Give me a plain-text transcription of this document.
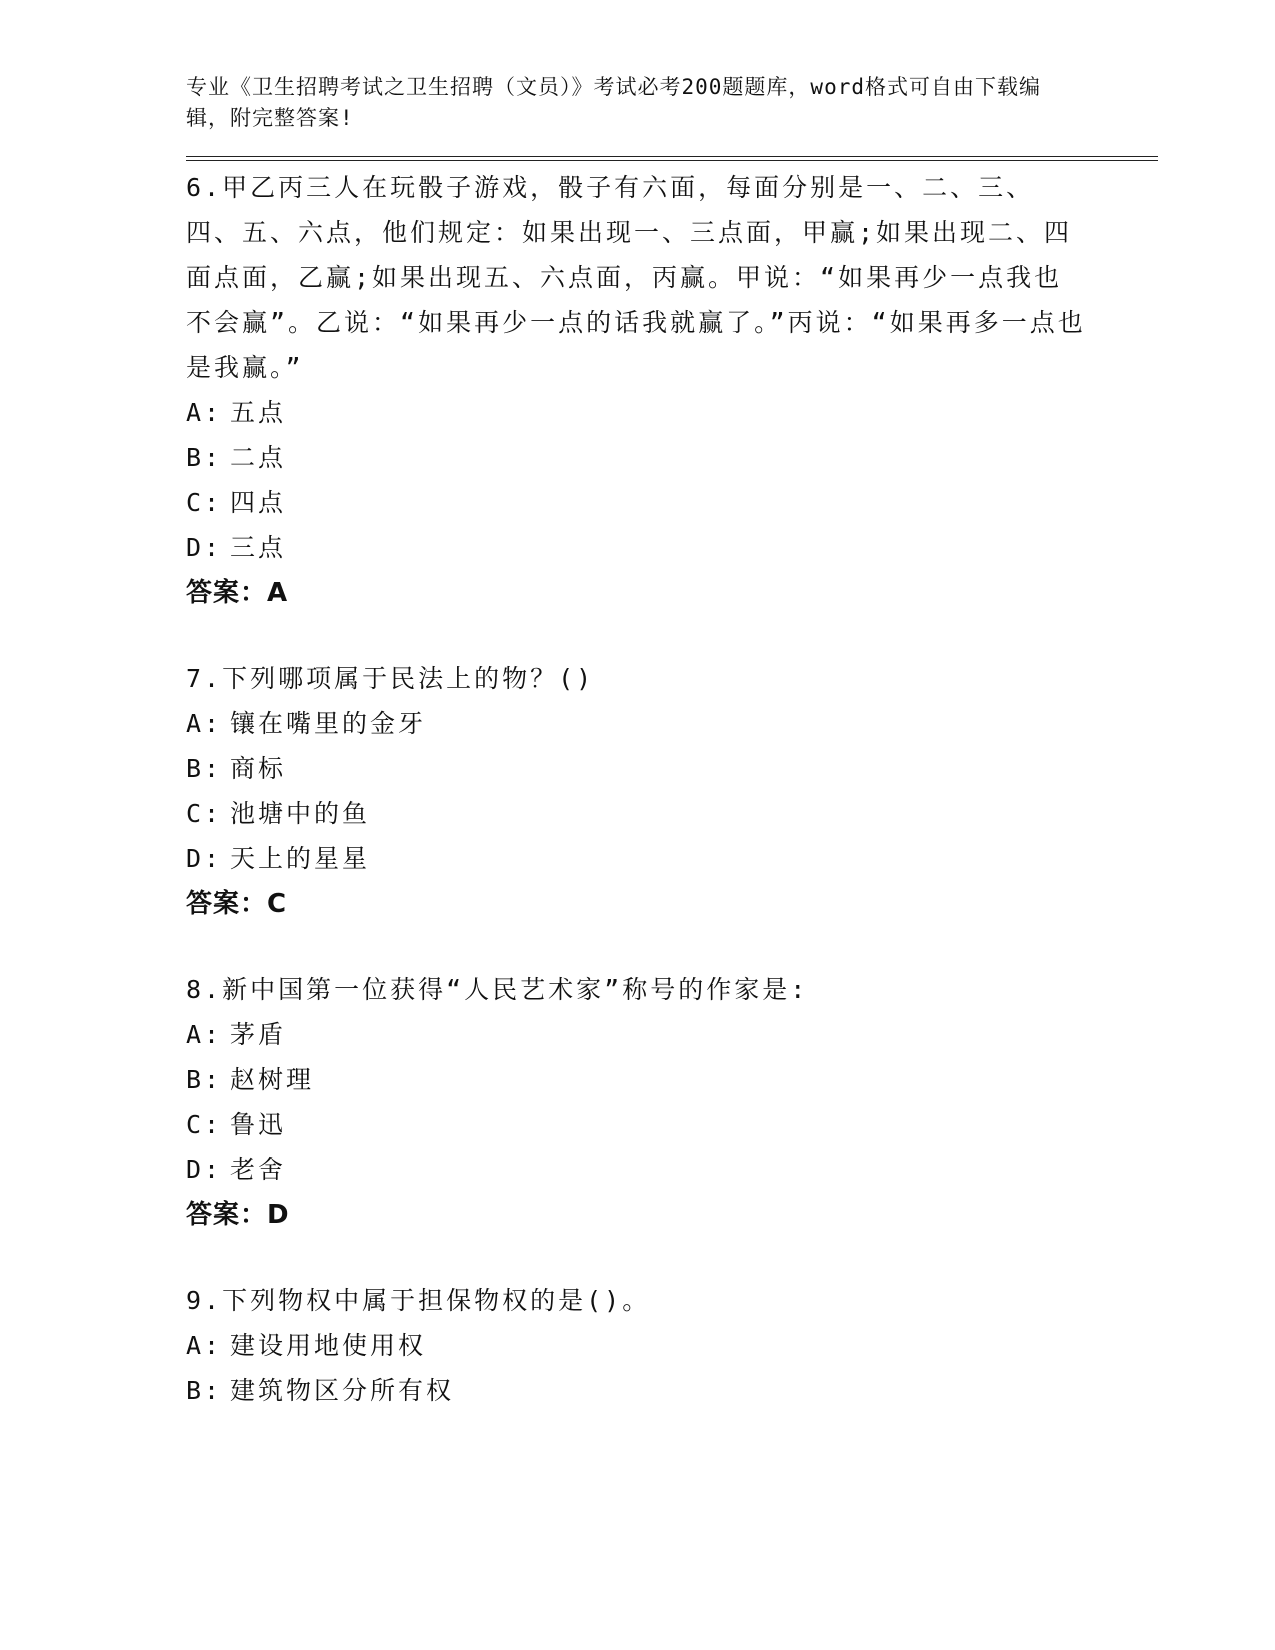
专业《卫生招聘考试之卫生招聘（文员）》考试必考200题题库，word格式可自由下载编辑，附完整答案!
6.甲乙丙三人在玩骰子游戏，骰子有六面，每面分别是一、二、三、四、五、六点，他们规定：如果出现一、三点面，甲赢;如果出现二、四面点面，乙赢;如果出现五、六点面，丙赢。甲说：“如果再少一点我也不会赢”。乙说：“如果再少一点的话我就赢了。”丙说：“如果再多一点也是我赢。”
A: 五点
B: 二点
C: 四点
D: 三点
答案：A
7.下列哪项属于民法上的物？()
A: 镶在嘴里的金牙
B: 商标
C: 池塘中的鱼
D: 天上的星星
答案：C
8.新中国第一位获得“人民艺术家”称号的作家是:
A: 茅盾
B: 赵树理
C: 鲁迅
D: 老舍
答案：D
9.下列物权中属于担保物权的是()。
A: 建设用地使用权
B: 建筑物区分所有权
